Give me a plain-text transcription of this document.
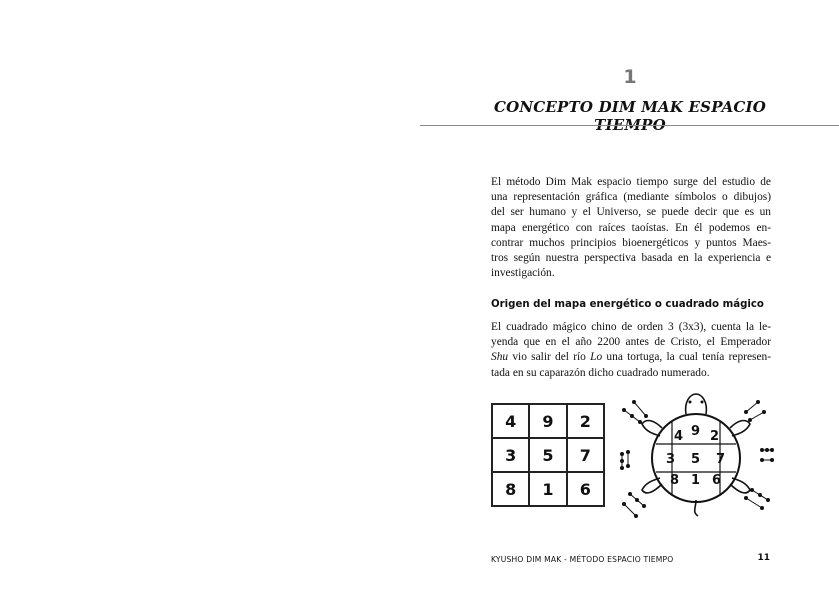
1
CONCEPTO DIM MAK ESPACIO TIEMPO
El método Dim Mak espacio tiempo surge del estudio de
una representación gráfica (mediante símbolos o dibujos)
del ser humano y el Universo, se puede decir que es un
mapa energético con raíces taoístas. En él podemos en-
contrar muchos principios bioenergéticos y puntos Maes-
tros según nuestra perspectiva basada en la experiencia e
investigación.
Origen del mapa energético o cuadrado mágico
El cuadrado mágico chino de orden 3 (3x3), cuenta la le-
yenda que en el año 2200 antes de Cristo, el Emperador
Shu vio salir del río Lo una tortuga, la cual tenía represen-
tada en su caparazón dicho cuadrado numerado.
4	9	2
3	5	7
8	1	6
4 9 2
3 5 7
8 1 6
KYUSHO DIM MAK - MÉTODO ESPACIO TIEMPO	11
